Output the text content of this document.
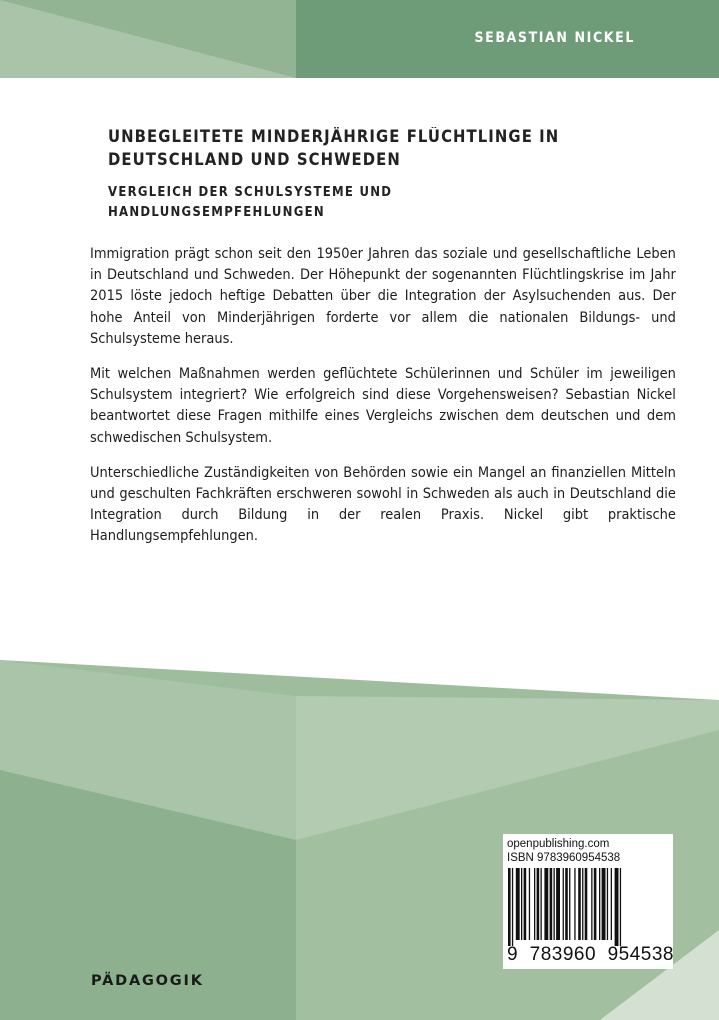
SEBASTIAN NICKEL
UNBEGLEITETE MINDERJÄHRIGE FLÜCHTLINGE IN
DEUTSCHLAND UND SCHWEDEN
VERGLEICH DER SCHULSYSTEME UND
HANDLUNGSEMPFEHLUNGEN

Immigration prägt schon seit den 1950er Jahren das soziale und gesellschaftliche Leben in Deutschland und Schweden. Der Höhepunkt der sogenannten Flüchtlingskrise im Jahr 2015 löste jedoch heftige Debatten über die Integration der Asylsuchenden aus. Der hohe Anteil von Minderjährigen forderte vor allem die nationalen Bildungs- und Schulsysteme heraus.

Mit welchen Maßnahmen werden geflüchtete Schülerinnen und Schüler im jeweiligen Schulsystem integriert? Wie erfolgreich sind diese Vorgehensweisen? Sebastian Nickel beantwortet diese Fragen mithilfe eines Vergleichs zwischen dem deutschen und dem schwedischen Schulsystem.

Unterschiedliche Zuständigkeiten von Behörden sowie ein Mangel an finanziellen Mitteln und geschulten Fachkräften erschweren sowohl in Schweden als auch in Deutschland die Integration durch Bildung in der realen Praxis. Nickel gibt praktische Handlungsempfehlungen.

openpublishing.com
ISBN 9783960954538
9  783960  954538
PÄDAGOGIK
